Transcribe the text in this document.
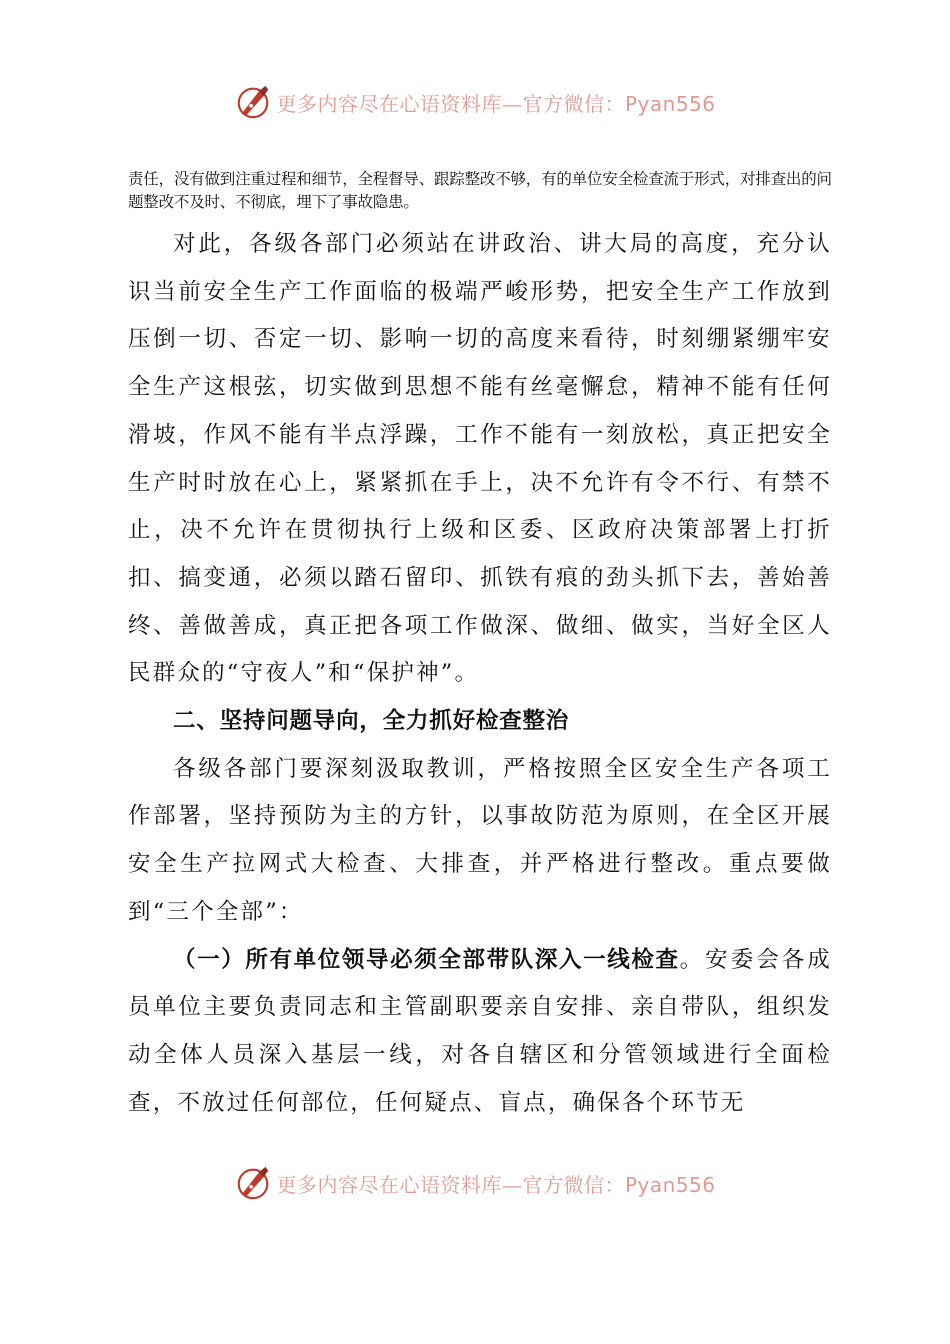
更多内容尽在心语资料库—官方微信：Pyan556

责任，没有做到注重过程和细节，全程督导、跟踪整改不够，有的单位安全检查流于形式，对排查出的问题整改不及时、不彻底，埋下了事故隐患。

对此，各级各部门必须站在讲政治、讲大局的高度，充分认识当前安全生产工作面临的极端严峻形势，把安全生产工作放到压倒一切、否定一切、影响一切的高度来看待，时刻绷紧绷牢安全生产这根弦，切实做到思想不能有丝毫懈怠，精神不能有任何滑坡，作风不能有半点浮躁，工作不能有一刻放松，真正把安全生产时时放在心上，紧紧抓在手上，决不允许有令不行、有禁不止，决不允许在贯彻执行上级和区委、区政府决策部署上打折扣、搞变通，必须以踏石留印、抓铁有痕的劲头抓下去，善始善终、善做善成，真正把各项工作做深、做细、做实，当好全区人民群众的“守夜人”和“保护神”。

二、坚持问题导向，全力抓好检查整治

各级各部门要深刻汲取教训，严格按照全区安全生产各项工作部署，坚持预防为主的方针，以事故防范为原则，在全区开展安全生产拉网式大检查、大排查，并严格进行整改。重点要做到“三个全部”：

（一）所有单位领导必须全部带队深入一线检查。安委会各成员单位主要负责同志和主管副职要亲自安排、亲自带队，组织发动全体人员深入基层一线，对各自辖区和分管领域进行全面检查，不放过任何部位，任何疑点、盲点，确保各个环节无

更多内容尽在心语资料库—官方微信：Pyan556
